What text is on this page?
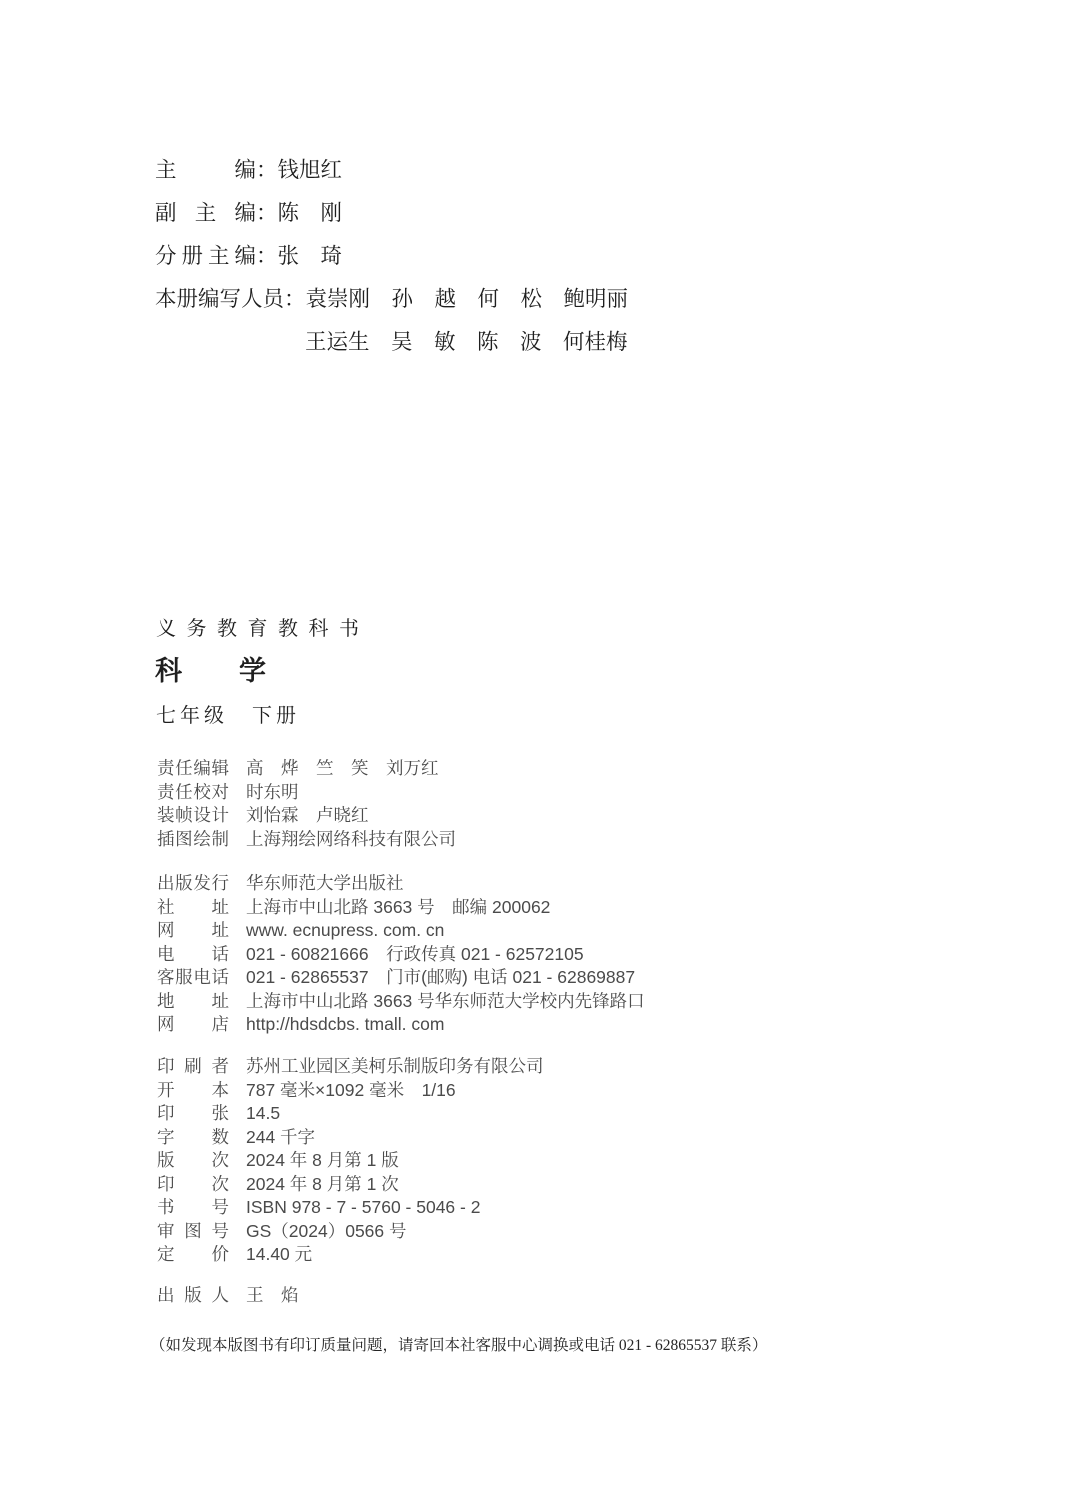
主编：钱旭红
副主编：陈　刚
分册主编：张　琦
本册编写人员：袁崇刚　孙　越　何　松　鲍明丽
王运生　吴　敏　陈　波　何桂梅
义务教育教科书
科　　学
七年级　下册
责任编辑 高　烨　竺　笑　刘万红
责任校对 时东明
装帧设计 刘怡霖　卢晓红
插图绘制 上海翔绘网络科技有限公司
出版发行 华东师范大学出版社
社址 上海市中山北路 3663 号　邮编 200062
网址 www. ecnupress. com. cn
电话 021 - 60821666　行政传真 021 - 62572105
客服电话 021 - 62865537　门市(邮购) 电话 021 - 62869887
地址 上海市中山北路 3663 号华东师范大学校内先锋路口
网店 http://hdsdcbs. tmall. com
印刷者 苏州工业园区美柯乐制版印务有限公司
开本 787 毫米×1092 毫米　1/16
印张 14.5
字数 244 千字
版次 2024 年 8 月第 1 版
印次 2024 年 8 月第 1 次
书号 ISBN 978 - 7 - 5760 - 5046 - 2
审图号 GS（2024）0566 号
定价 14.40 元
出版人 王　焰
（如发现本版图书有印订质量问题，请寄回本社客服中心调换或电话 021 - 62865537 联系）
